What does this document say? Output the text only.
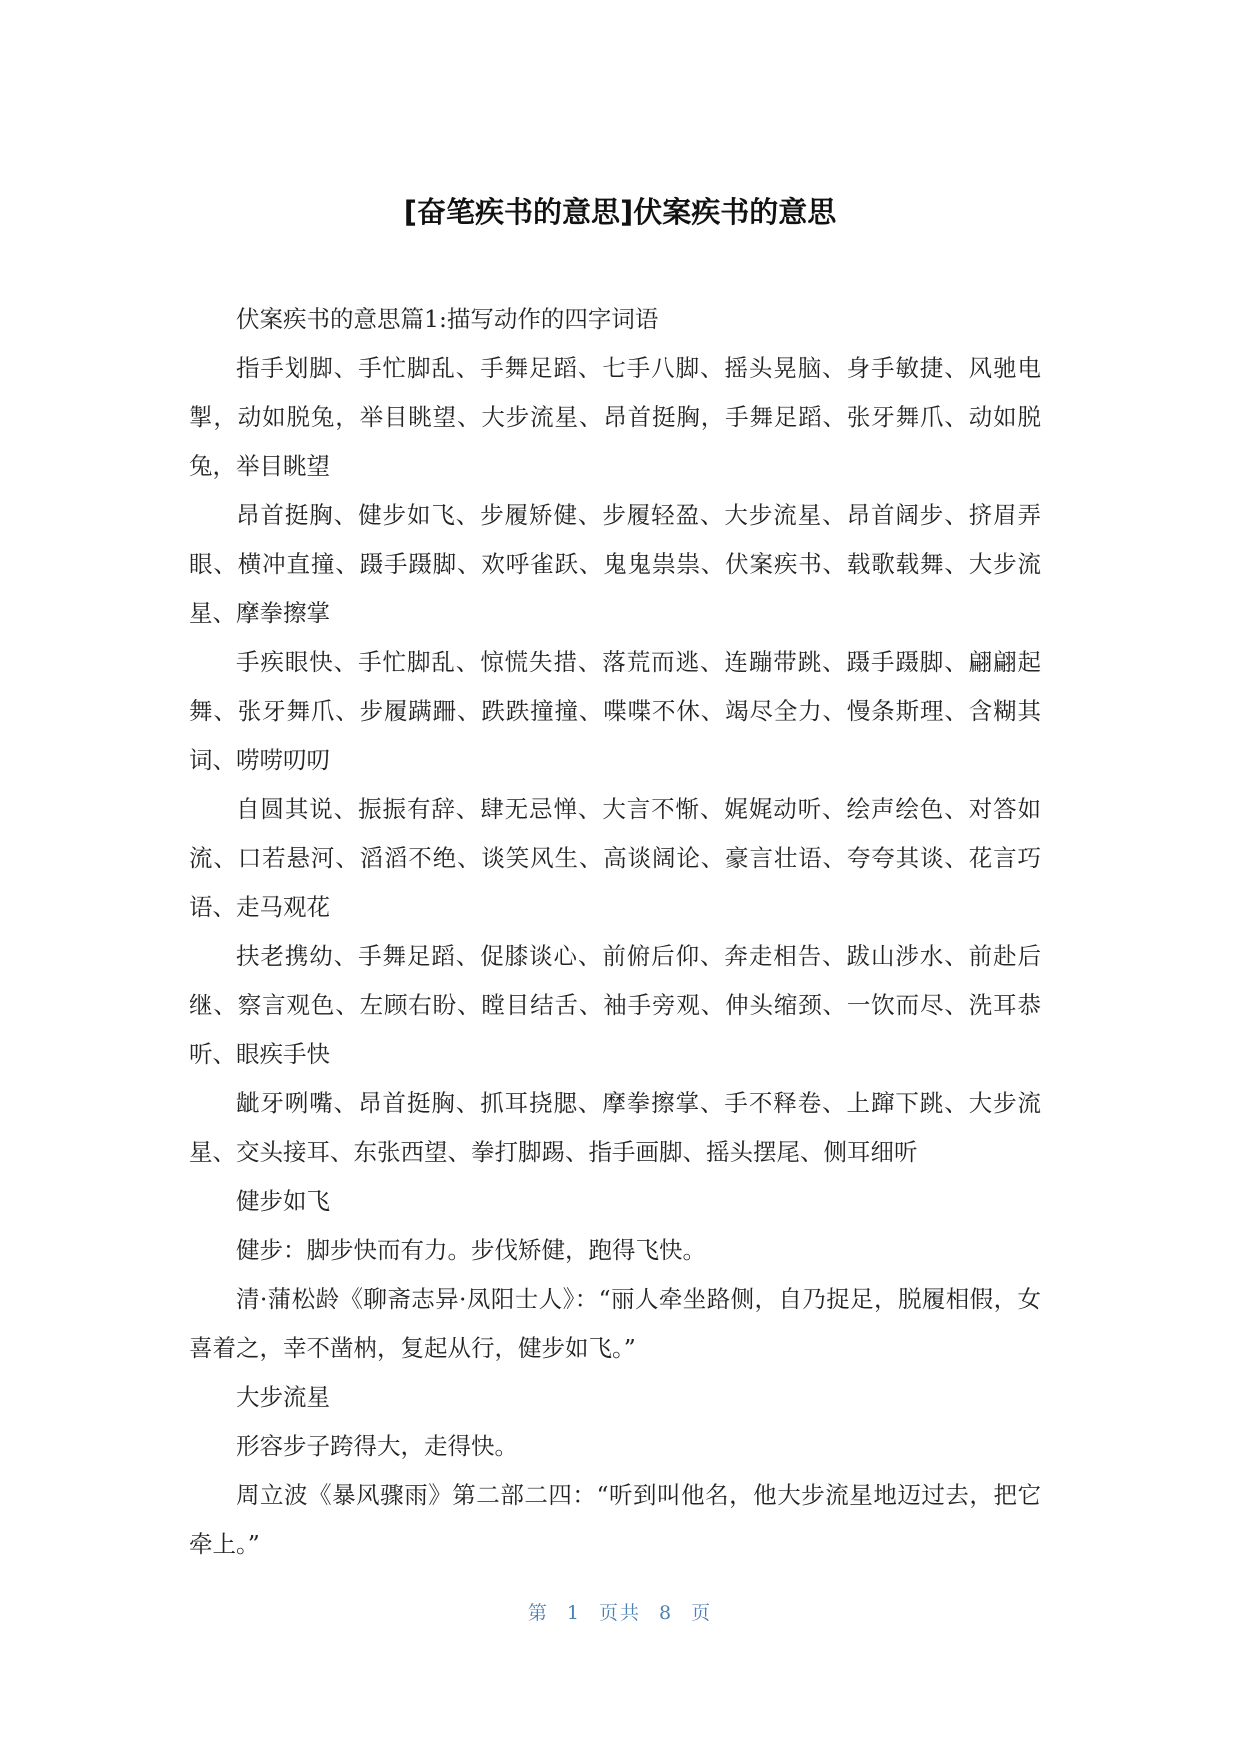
[奋笔疾书的意思]伏案疾书的意思

伏案疾书的意思篇1:描写动作的四字词语

指手划脚、手忙脚乱、手舞足蹈、七手八脚、摇头晃脑、身手敏捷、风驰电掣，动如脱兔，举目眺望、大步流星、昂首挺胸，手舞足蹈、张牙舞爪、动如脱兔，举目眺望

昂首挺胸、健步如飞、步履矫健、步履轻盈、大步流星、昂首阔步、挤眉弄眼、横冲直撞、蹑手蹑脚、欢呼雀跃、鬼鬼祟祟、伏案疾书、载歌载舞、大步流星、摩拳擦掌

手疾眼快、手忙脚乱、惊慌失措、落荒而逃、连蹦带跳、蹑手蹑脚、翩翩起舞、张牙舞爪、步履蹒跚、跌跌撞撞、喋喋不休、竭尽全力、慢条斯理、含糊其词、唠唠叨叨

自圆其说、振振有辞、肆无忌惮、大言不惭、娓娓动听、绘声绘色、对答如流、口若悬河、滔滔不绝、谈笑风生、高谈阔论、豪言壮语、夸夸其谈、花言巧语、走马观花

扶老携幼、手舞足蹈、促膝谈心、前俯后仰、奔走相告、跋山涉水、前赴后继、察言观色、左顾右盼、瞠目结舌、袖手旁观、伸头缩颈、一饮而尽、洗耳恭听、眼疾手快

龇牙咧嘴、昂首挺胸、抓耳挠腮、摩拳擦掌、手不释卷、上蹿下跳、大步流星、交头接耳、东张西望、拳打脚踢、指手画脚、摇头摆尾、侧耳细听

健步如飞

健步：脚步快而有力。步伐矫健，跑得飞快。

清·蒲松龄《聊斋志异·凤阳士人》：“丽人牵坐路侧，自乃捉足，脱履相假，女喜着之，幸不凿枘，复起从行，健步如飞。”

大步流星

形容步子跨得大，走得快。

周立波《暴风骤雨》第二部二四：“听到叫他名，他大步流星地迈过去，把它牵上。”

第 1 页共 8 页
